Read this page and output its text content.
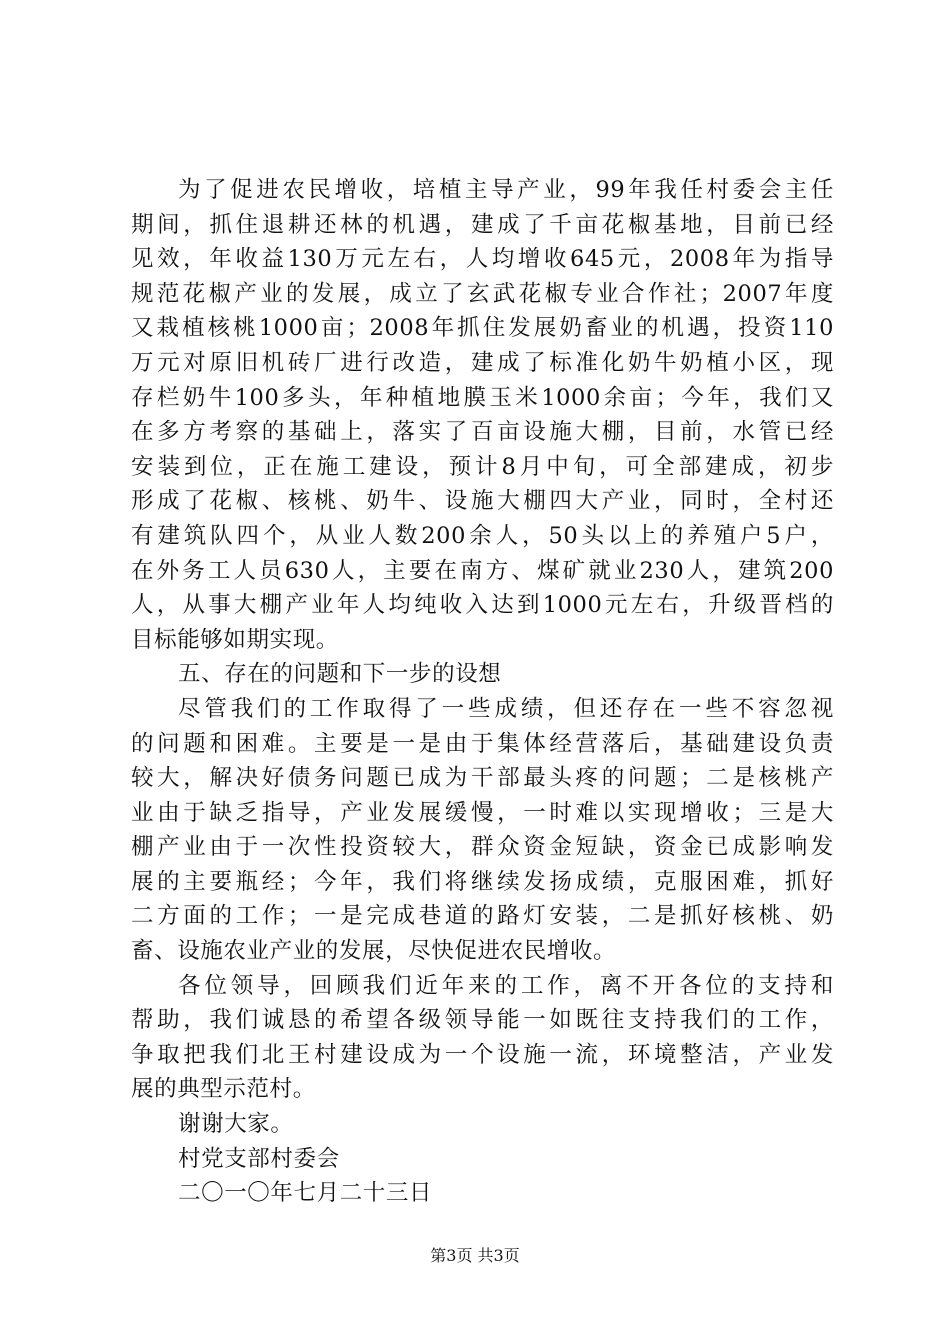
为了促进农民增收，培植主导产业，99年我任村委会主任
期间，抓住退耕还林的机遇，建成了千亩花椒基地，目前已经
见效，年收益130万元左右，人均增收645元，2008年为指导
规范花椒产业的发展，成立了玄武花椒专业合作社；2007年度
又栽植核桃1000亩；2008年抓住发展奶畜业的机遇，投资110
万元对原旧机砖厂进行改造，建成了标准化奶牛奶植小区，现
存栏奶牛100多头，年种植地膜玉米1000余亩；今年，我们又
在多方考察的基础上，落实了百亩设施大棚，目前，水管已经
安装到位，正在施工建设，预计8月中旬，可全部建成，初步
形成了花椒、核桃、奶牛、设施大棚四大产业，同时，全村还
有建筑队四个，从业人数200余人，50头以上的养殖户5户，
在外务工人员630人，主要在南方、煤矿就业230人，建筑200
人，从事大棚产业年人均纯收入达到1000元左右，升级晋档的
目标能够如期实现。
五、存在的问题和下一步的设想
尽管我们的工作取得了一些成绩，但还存在一些不容忽视
的问题和困难。主要是一是由于集体经营落后，基础建设负责
较大，解决好债务问题已成为干部最头疼的问题；二是核桃产
业由于缺乏指导，产业发展缓慢，一时难以实现增收；三是大
棚产业由于一次性投资较大，群众资金短缺，资金已成影响发
展的主要瓶经；今年，我们将继续发扬成绩，克服困难，抓好
二方面的工作；一是完成巷道的路灯安装，二是抓好核桃、奶
畜、设施农业产业的发展，尽快促进农民增收。
各位领导，回顾我们近年来的工作，离不开各位的支持和
帮助，我们诚恳的希望各级领导能一如既往支持我们的工作，
争取把我们北王村建设成为一个设施一流，环境整洁，产业发
展的典型示范村。
谢谢大家。
村党支部村委会
二〇一〇年七月二十三日
第3页 共3页
